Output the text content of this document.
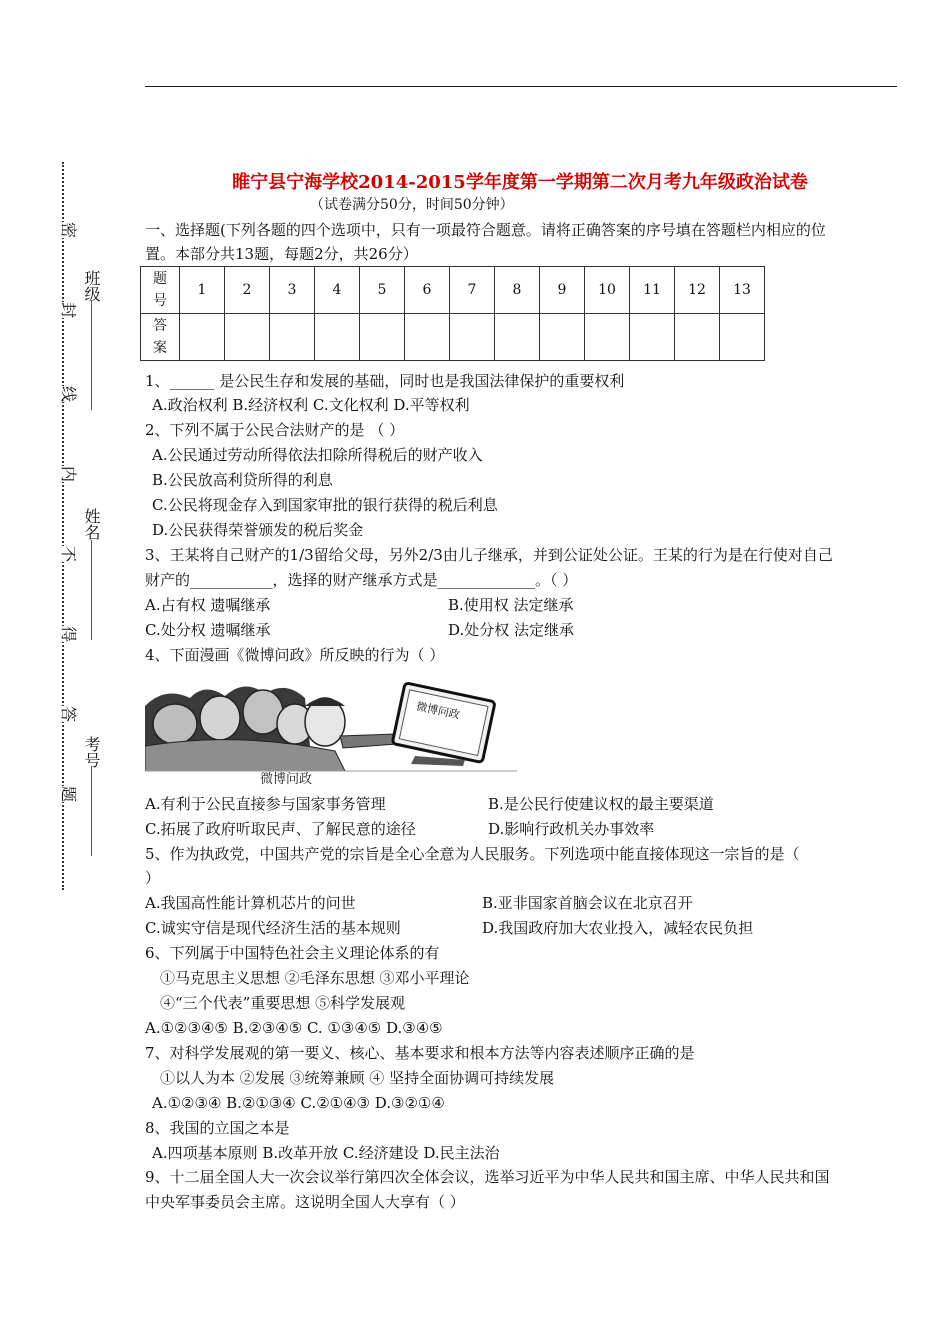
密
封
线
内
不
得
答
题
班级
姓名
考号
睢宁县宁海学校2014-2015学年度第一学期第二次月考九年级政治试卷
（试卷满分50分，时间50分钟）
一、选择题(下列各题的四个选项中，只有一项最符合题意。请将正确答案的序号填在答题栏内相应的位
置。本部分共13题，每题2分，共26分）
题
号	1	2	3	4	5	6	7	8	9	10	11	12	13
答
案													
1、______ 是公民生存和发展的基础，同时也是我国法律保护的重要权利
A.政治权利 B.经济权利 C.文化权利 D.平等权利
2、下列不属于公民合法财产的是 （ ）
A.公民通过劳动所得依法扣除所得税后的财产收入
B.公民放高利贷所得的利息
C.公民将现金存入到国家审批的银行获得的税后利息
D.公民获得荣誉颁发的税后奖金
3、王某将自己财产的1/3留给父母，另外2/3由儿子继承，并到公证处公证。王某的行为是在行使对自己
财产的___________，选择的财产继承方式是_____________。（ ）
A.占有权 遗嘱继承	B.使用权 法定继承
C.处分权 遗嘱继承	D.处分权 法定继承
4、下面漫画《微博问政》所反映的行为（ ）
微博问政
微博问政
A.有利于公民直接参与国家事务管理	B.是公民行使建议权的最主要渠道
C.拓展了政府听取民声、了解民意的途径	D.影响行政机关办事效率
5、作为执政党，中国共产党的宗旨是全心全意为人民服务。下列选项中能直接体现这一宗旨的是（
）
A.我国高性能计算机芯片的问世	B.亚非国家首脑会议在北京召开
C.诚实守信是现代经济生活的基本规则	D.我国政府加大农业投入，减轻农民负担
6、下列属于中国特色社会主义理论体系的有
①马克思主义思想 ②毛泽东思想 ③邓小平理论
④“三个代表”重要思想 ⑤科学发展观
A.①②③④⑤ B.②③④⑤ C. ①③④⑤ D.③④⑤
7、对科学发展观的第一要义、核心、基本要求和根本方法等内容表述顺序正确的是
①以人为本 ②发展 ③统筹兼顾 ④ 坚持全面协调可持续发展
A.①②③④ B.②①③④ C.②①④③ D.③②①④
8、我国的立国之本是
A.四项基本原则 B.改革开放 C.经济建设 D.民主法治
9、十二届全国人大一次会议举行第四次全体会议，选举习近平为中华人民共和国主席、中华人民共和国
中央军事委员会主席。这说明全国人大享有（ ）
